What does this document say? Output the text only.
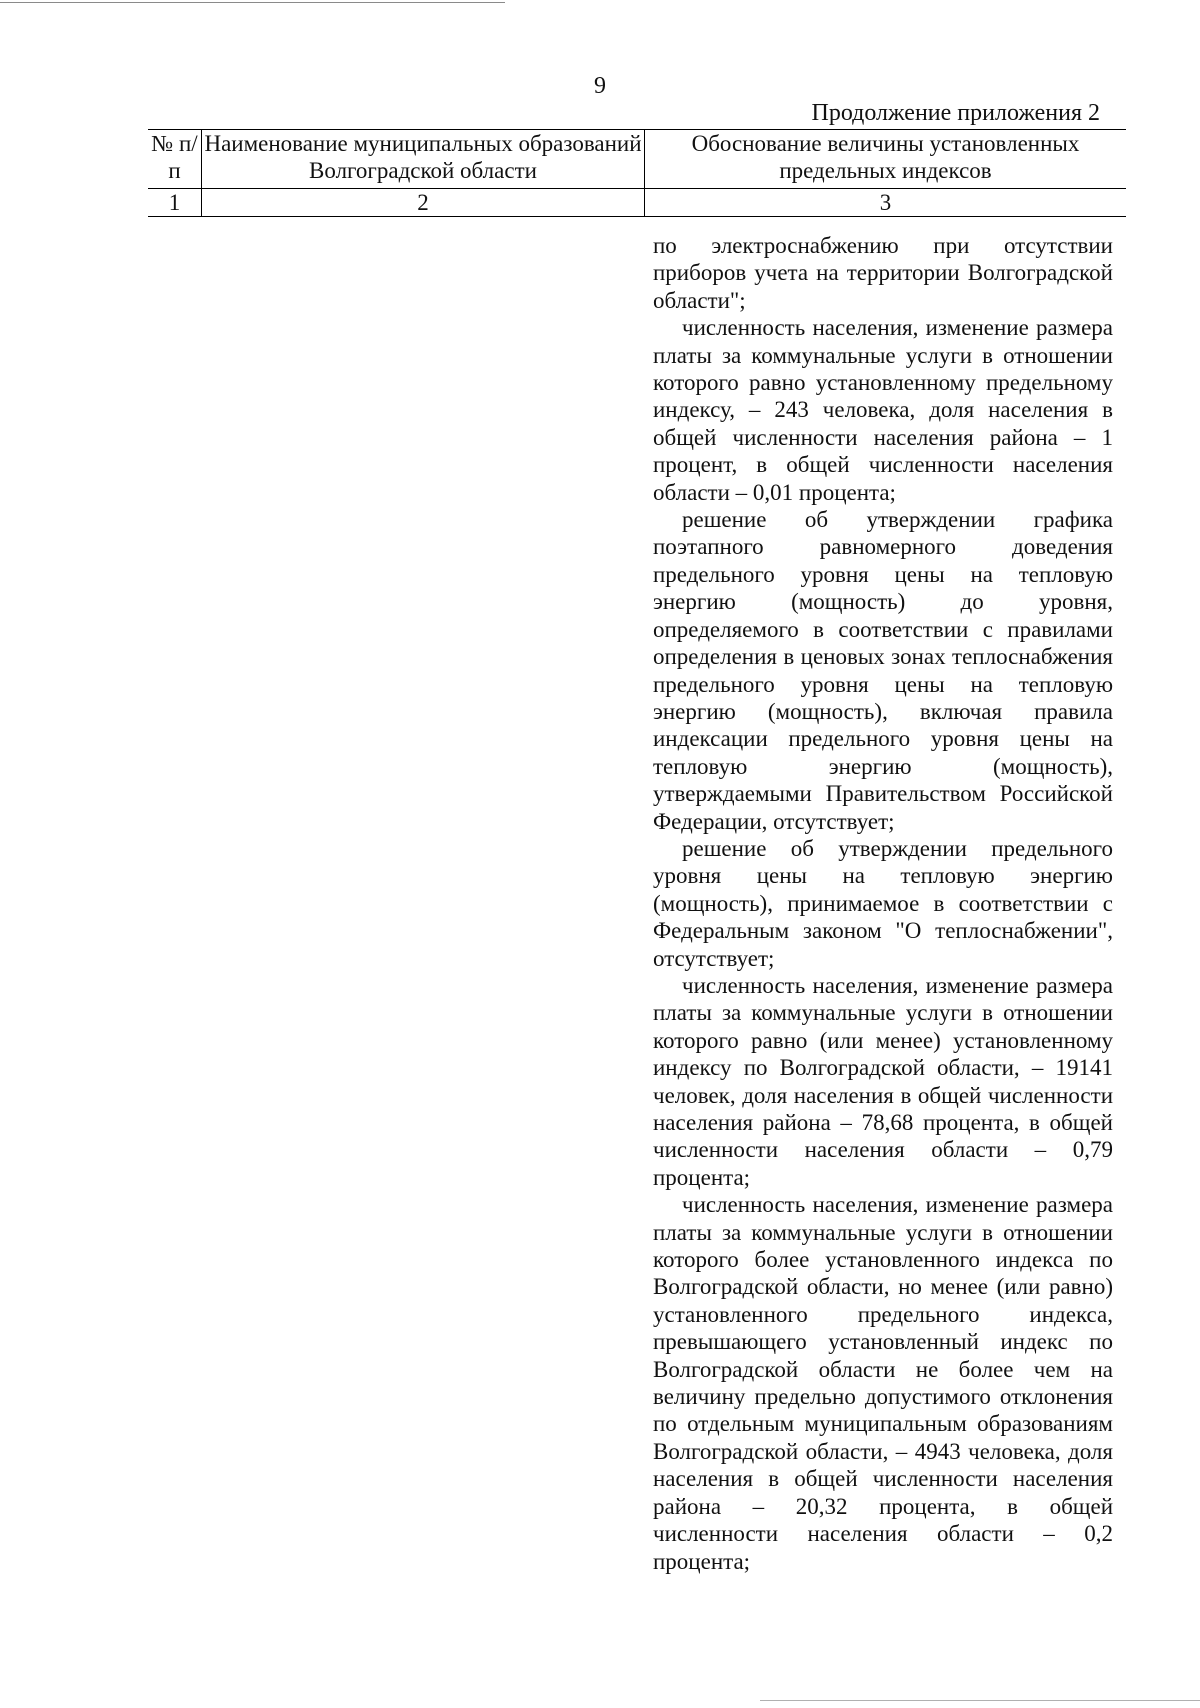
9
Продолжение приложения 2
№ п/п	Наименование муниципальных образований Волгоградской области	Обоснование величины установленных предельных индексов
1	2	3

по электроснабжению при отсутствии приборов учета на территории Волгоградской области";

численность населения, изменение размера платы за коммунальные услуги в отношении которого равно установленному предельному индексу, – 243 человека, доля населения в общей численности населения района – 1 процент, в общей численности населения области – 0,01 процента;

решение об утверждении графика поэтапного равномерного доведения предельного уровня цены на тепловую энергию (мощность) до уровня, определяемого в соответствии с правилами определения в ценовых зонах теплоснабжения предельного уровня цены на тепловую энергию (мощность), включая правила индексации предельного уровня цены на тепловую энергию (мощность), утверждаемыми Правительством Российской Федерации, отсутствует;

решение об утверждении предельного уровня цены на тепловую энергию (мощность), принимаемое в соответствии с Федеральным законом "О теплоснабжении", отсутствует;

численность населения, изменение размера платы за коммунальные услуги в отношении которого равно (или менее) установленному индексу по Волгоградской области, – 19141 человек, доля населения в общей численности населения района – 78,68 процента, в общей численности населения области – 0,79 процента;

численность населения, изменение размера платы за коммунальные услуги в отношении которого более установленного индекса по Волгоградской области, но менее (или равно) установленного предельного индекса, превышающего установленный индекс по Волгоградской области не более чем на величину предельно допустимого отклонения по отдельным муниципальным образованиям Волгоградской области, – 4943 человека, доля населения в общей численности населения района – 20,32 процента, в общей численности населения области – 0,2 процента;
